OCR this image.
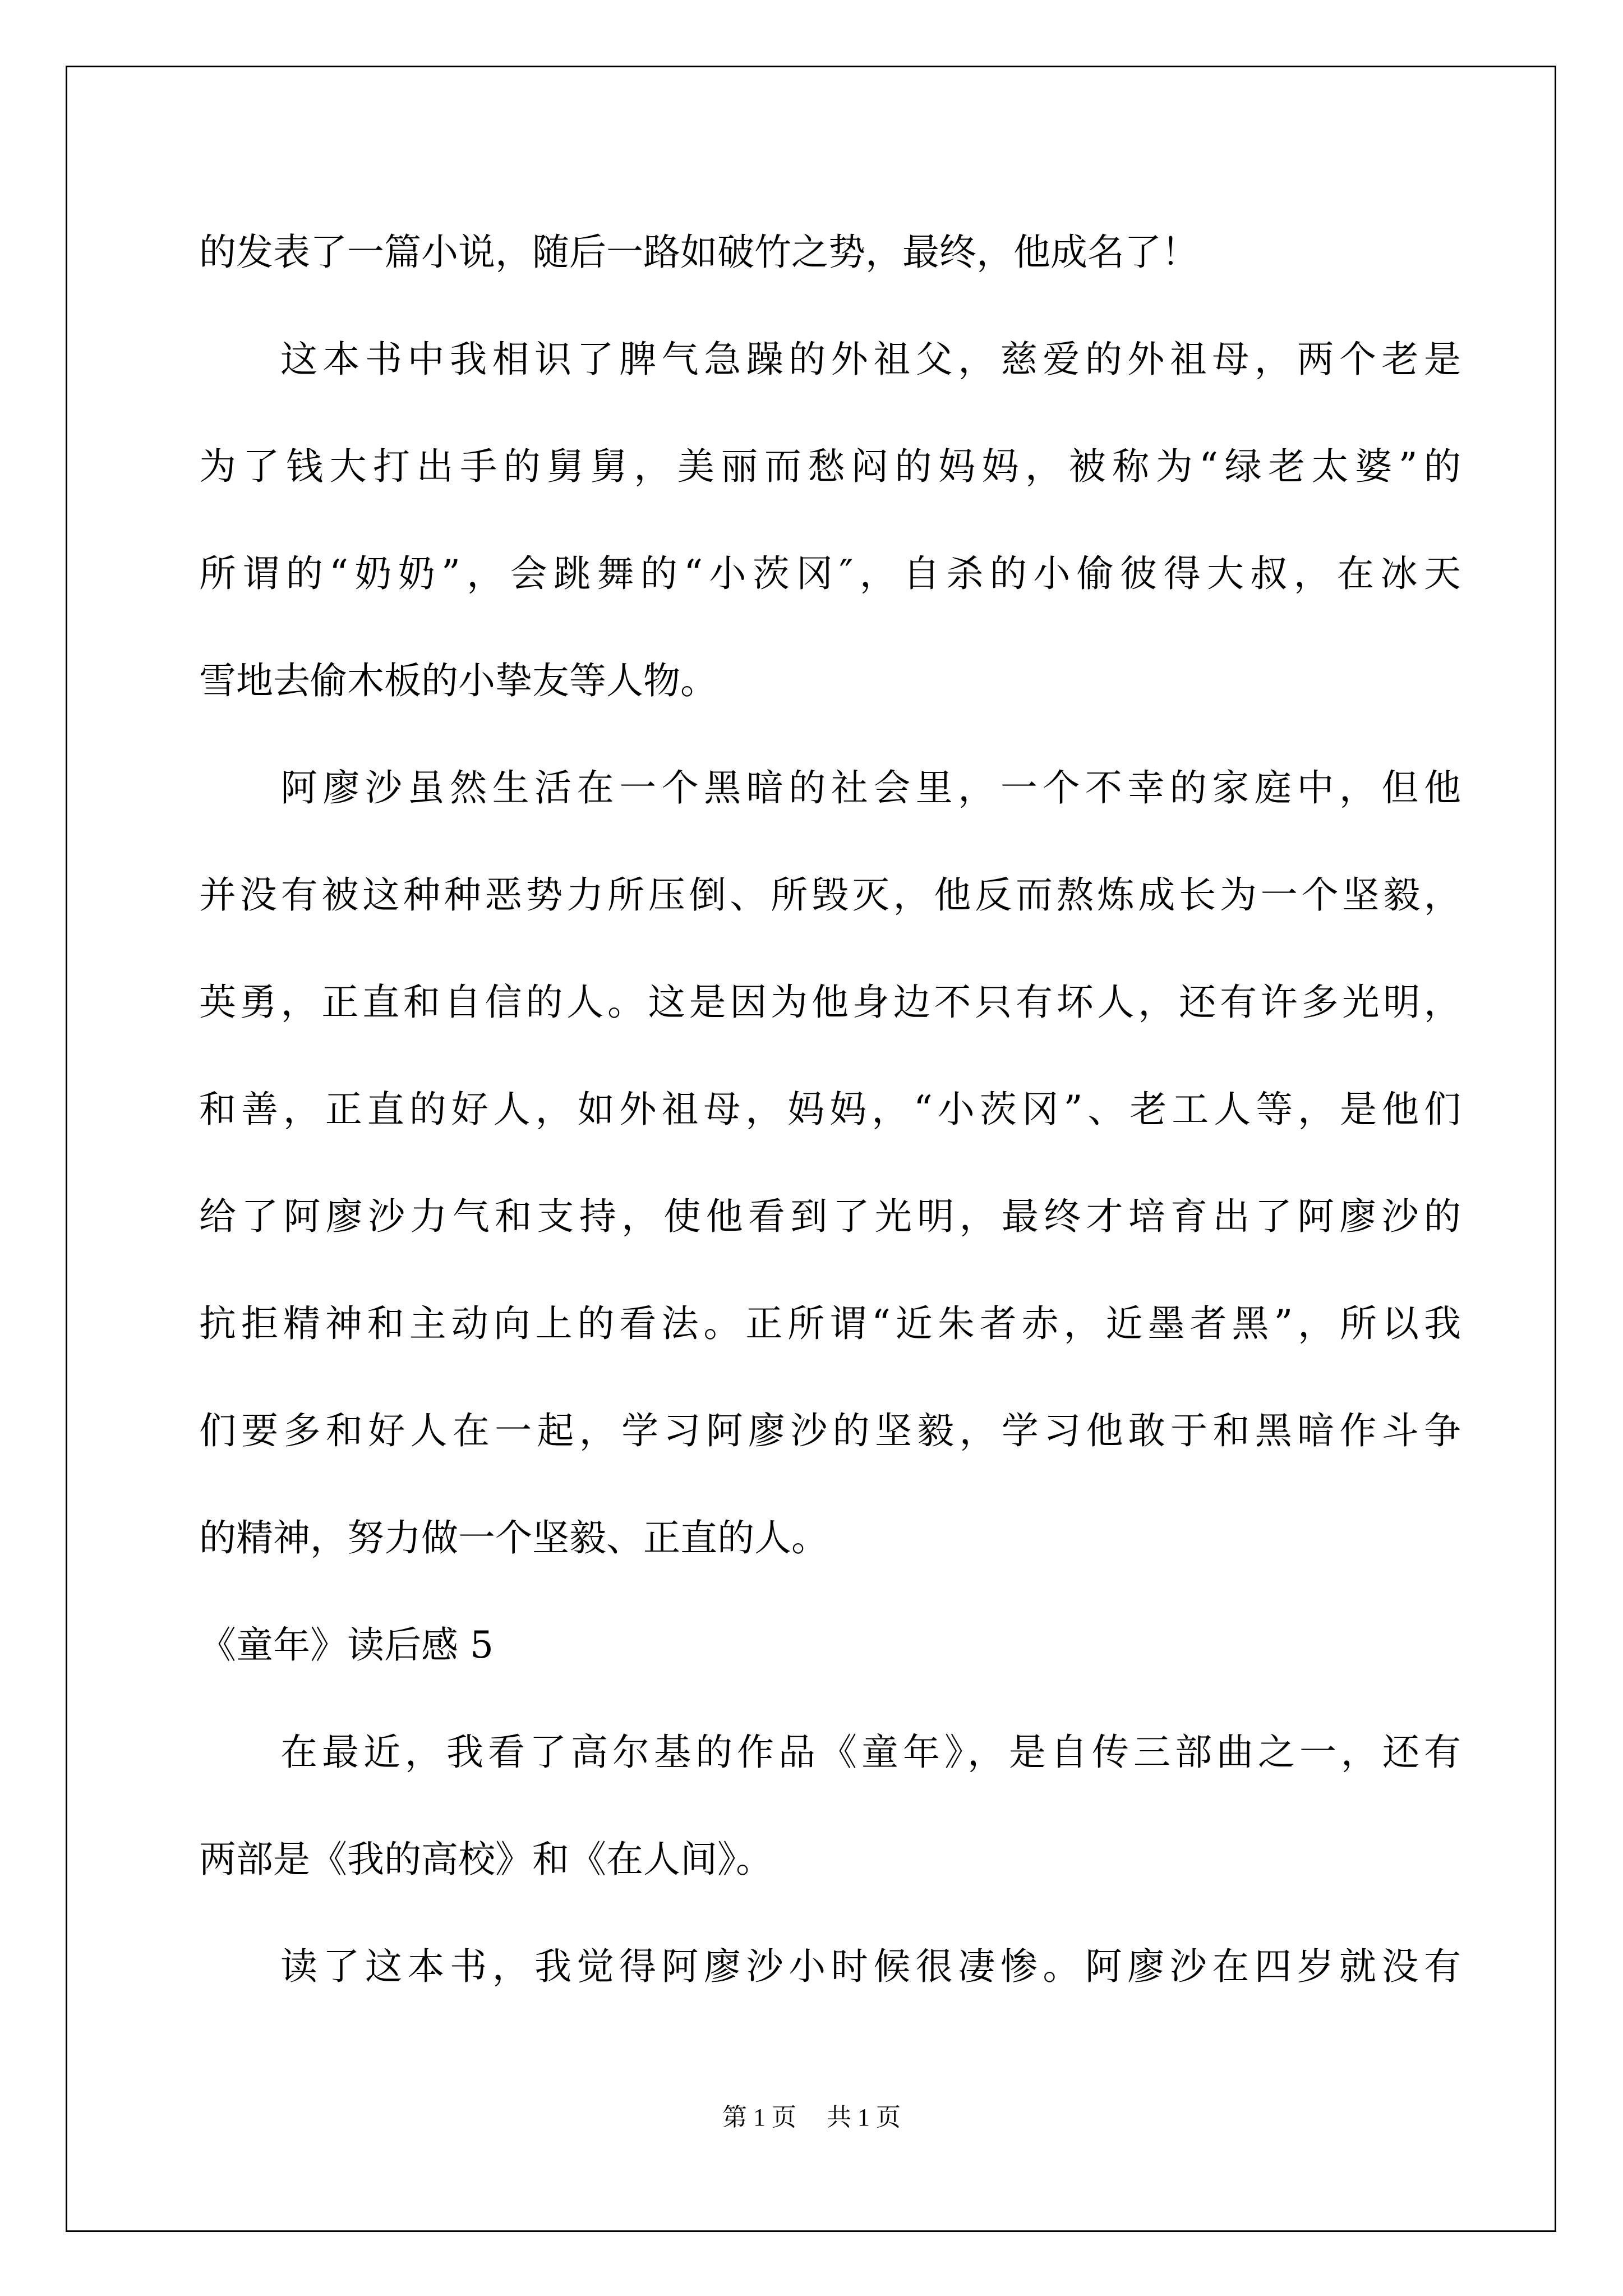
的发表了一篇小说，随后一路如破竹之势，最终，他成名了！

这本书中我相识了脾气急躁的外祖父，慈爱的外祖母，两个老是

为了钱大打出手的舅舅，美丽而愁闷的妈妈，被称为“绿老太婆”的

所谓的“奶奶”，会跳舞的“小茨冈″，自杀的小偷彼得大叔，在冰天

雪地去偷木板的小挚友等人物。

阿廖沙虽然生活在一个黑暗的社会里，一个不幸的家庭中，但他

并没有被这种种恶势力所压倒、所毁灭，他反而熬炼成长为一个坚毅，

英勇，正直和自信的人。这是因为他身边不只有坏人，还有许多光明，

和善，正直的好人，如外祖母，妈妈，“小茨冈”、老工人等，是他们

给了阿廖沙力气和支持，使他看到了光明，最终才培育出了阿廖沙的

抗拒精神和主动向上的看法。正所谓“近朱者赤，近墨者黑”，所以我

们要多和好人在一起，学习阿廖沙的坚毅，学习他敢于和黑暗作斗争

的精神，努力做一个坚毅、正直的人。

《童年》读后感 5

在最近，我看了高尔基的作品《童年》，是自传三部曲之一，还有

两部是《我的高校》和《在人间》。

读了这本书，我觉得阿廖沙小时候很凄惨。阿廖沙在四岁就没有

第 1 页 共 1 页
